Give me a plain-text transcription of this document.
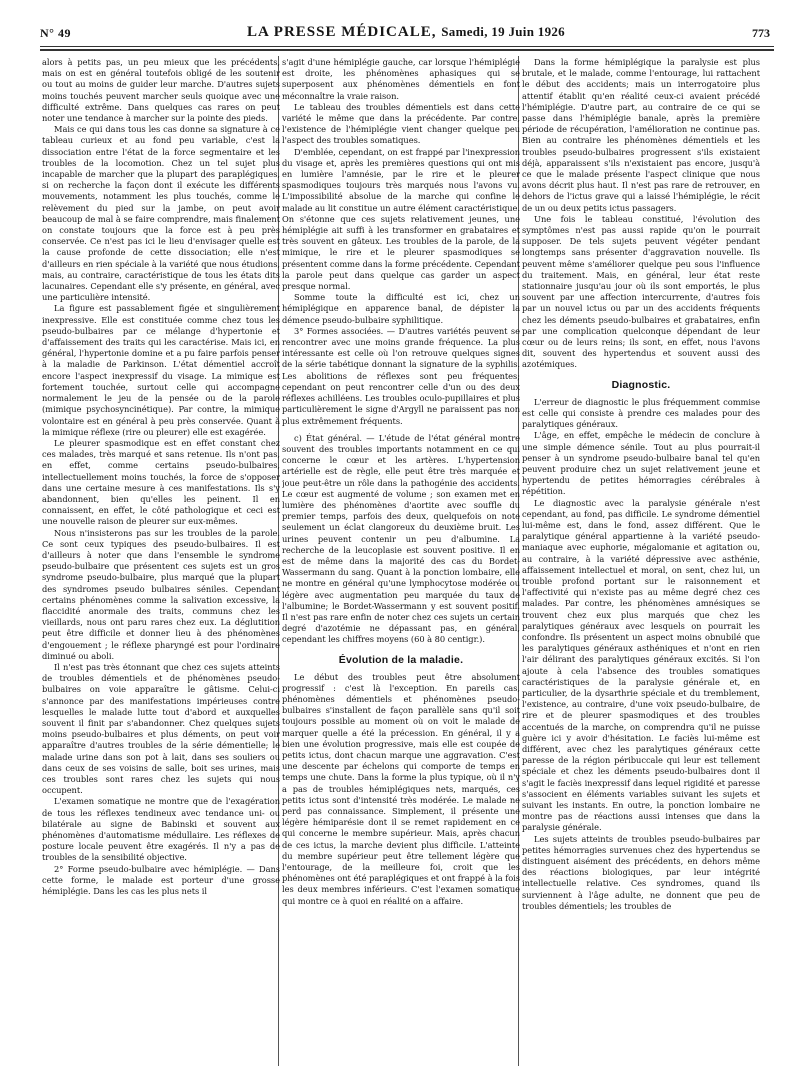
N° 49	LA PRESSE MÉDICALE, Samedi, 19 Juin 1926	773

alors à petits pas, un peu mieux que les précédents, mais on est en général toutefois obligé de les soutenir ou tout au moins de guider leur marche. D'autres sujets moins touchés peuvent marcher seuls quoique avec une difficulté extrême. Dans quelques cas rares on peut noter une tendance à marcher sur la pointe des pieds.

Mais ce qui dans tous les cas donne sa signature à ce tableau curieux et au fond peu variable, c'est la dissociation entre l'état de la force segmentaire et les troubles de la locomotion. Chez un tel sujet plus incapable de marcher que la plupart des paraplégiques, si on recherche la façon dont il exécute les différents mouvements, notamment les plus touchés, comme le relèvement du pied sur la jambe, on peut avoir beaucoup de mal à se faire comprendre, mais finalement on constate toujours que la force est à peu près conservée. Ce n'est pas ici le lieu d'envisager quelle est la cause profonde de cette dissociation; elle n'est d'ailleurs en rien spéciale à la variété que nous étudions, mais, au contraire, caractéristique de tous les états dits lacunaires. Cependant elle s'y présente, en général, avec une particulière intensité.

La figure est passablement figée et singulièrement inexpressive. Elle est constituée comme chez tous les pseudo-bulbaires par ce mélange d'hypertonie et d'affaissement des traits qui les caractérise. Mais ici, en général, l'hypertonie domine et a pu faire parfois penser à la maladie de Parkinson. L'état démentiel accroît encore l'aspect inexpressif du visage. La mimique est fortement touchée, surtout celle qui accompagne normalement le jeu de la pensée ou de la parole (mimique psychosyncinétique). Par contre, la mimique volontaire est en général à peu près conservée. Quant à la mimique réflexe (rire ou pleurer) elle est exagérée.

Le pleurer spasmodique est en effet constant chez ces malades, très marqué et sans retenue. Ils n'ont pas, en effet, comme certains pseudo-bulbaires, intellectuellement moins touchés, la force de s'opposer dans une certaine mesure à ces manifestations. Ils s'y abandonnent, bien qu'elles les peinent. Il en connaissent, en effet, le côté pathologique et ceci est une nouvelle raison de pleurer sur eux-mêmes.

Nous n'insisterons pas sur les troubles de la parole. Ce sont ceux typiques des pseudo-bulbaires. Il est d'ailleurs à noter que dans l'ensemble le syndrome pseudo-bulbaire que présentent ces sujets est un gros syndrome pseudo-bulbaire, plus marqué que la plupart des syndromes pseudo bulbaires séniles. Cependant certains phénomènes comme la salivation excessive, la flaccidité anormale des traits, communs chez les vieillards, nous ont paru rares chez eux. La déglutition peut être difficile et donner lieu à des phénomènes d'engouement ; le réflexe pharyngé est pour l'ordinaire diminué ou aboli.

Il n'est pas très étonnant que chez ces sujets atteints de troubles démentiels et de phénomènes pseudo-bulbaires on voie apparaître le gâtisme. Celui-ci s'annonce par des manifestations impérieuses contre lesquelles le malade lutte tout d'abord et auxquelles souvent il finit par s'abandonner. Chez quelques sujets moins pseudo-bulbaires et plus déments, on peut voir apparaître d'autres troubles de la série démentielle; le malade urine dans son pot à lait, dans ses souliers ou dans ceux de ses voisins de salle, boit ses urines, mais ces troubles sont rares chez les sujets qui nous occupent.

L'examen somatique ne montre que de l'exagération de tous les réflexes tendineux avec tendance uni- ou bilatérale au signe de Babinski et souvent aux phénomènes d'automatisme médullaire. Les réflexes de posture locale peuvent être exagérés. Il n'y a pas de troubles de la sensibilité objective.

2° Forme pseudo-bulbaire avec hémiplégie. — Dans cette forme, le malade est porteur d'une grosse hémiplégie. Dans les cas les plus nets il

s'agit d'une hémiplégie gauche, car lorsque l'hémiplégie est droite, les phénomènes aphasiques qui se superposent aux phénomènes démentiels en font méconnaître la vraie raison.

Le tableau des troubles démentiels est dans cette variété le même que dans la précédente. Par contre, l'existence de l'hémiplégie vient changer quelque peu l'aspect des troubles somatiques.

D'emblée, cependant, on est frappé par l'inexpression du visage et, après les premières questions qui ont mis en lumière l'amnésie, par le rire et le pleurer spasmodiques toujours très marqués nous l'avons vu. L'impossibilité absolue de la marche qui confine le malade au lit constitue un autre élément caractéristique. On s'étonne que ces sujets relativement jeunes, une hémiplégie ait suffi à les transformer en grabataires et très souvent en gâteux. Les troubles de la parole, de la mimique, le rire et le pleurer spasmodiques se présentent comme dans la forme précédente. Cependant la parole peut dans quelque cas garder un aspect presque normal.

Somme toute la difficulté est ici, chez un hémiplégique en apparence banal, de dépister la démence pseudo-bulbaire syphilitique.

3° Formes associées. — D'autres variétés peuvent se rencontrer avec une moins grande fréquence. La plus intéressante est celle où l'on retrouve quelques signes de la série tabétique donnant la signature de la syphilis. Les abolitions de réflexes sont peu fréquentes; cependant on peut rencontrer celle d'un ou des deux réflexes achilléens. Les troubles oculo-pupillaires et plus particulièrement le signe d'Argyll ne paraissent pas non plus extrêmement fréquents.

c) État général. — L'étude de l'état général montre souvent des troubles importants notamment en ce qui concerne le cœur et les artères. L'hypertension artérielle est de règle, elle peut être très marquée et joue peut-être un rôle dans la pathogénie des accidents. Le cœur est augmenté de volume ; son examen met en lumière des phénomènes d'aortite avec souffle du premier temps, parfois des deux, quelquefois on note seulement un éclat clangoreux du deuxième bruit. Les urines peuvent contenir un peu d'albumine. La recherche de la leucoplasie est souvent positive. Il en est de même dans la majorité des cas du Bordet-Wassermann du sang. Quant à la ponction lombaire, elle ne montre en général qu'une lymphocytose modérée ou légère avec augmentation peu marquée du taux de l'albumine; le Bordet-Wassermann y est souvent positif. Il n'est pas rare enfin de noter chez ces sujets un certain degré d'azotémie ne dépassant pas, en général, cependant les chiffres moyens (60 à 80 centigr.).

Évolution de la maladie.

Le début des troubles peut être absolument progressif : c'est là l'exception. En pareils cas, phénomènes démentiels et phénomènes pseudo-bulbaires s'installent de façon parallèle sans qu'il soit toujours possible au moment où on voit le malade de marquer quelle a été la précession. En général, il y a bien une évolution progressive, mais elle est coupée de petits ictus, dont chacun marque une aggravation. C'est une descente par échelons qui comporte de temps en temps une chute. Dans la forme la plus typique, où il n'y a pas de troubles hémiplégiques nets, marqués, ces petits ictus sont d'intensité très modérée. Le malade ne perd pas connaissance. Simplement, il présente une légère hémiparésie dont il se remet rapidement en ce qui concerne le membre supérieur. Mais, après chacun de ces ictus, la marche devient plus difficile. L'atteinte du membre supérieur peut être tellement légère que l'entourage, de la meilleure foi, croit que les phénomènes ont été paraplégiques et ont frappé à la fois les deux membres inférieurs. C'est l'examen somatique qui montre ce à quoi en réalité on a affaire.

Dans la forme hémiplégique la paralysie est plus brutale, et le malade, comme l'entourage, lui rattachent le début des accidents; mais un interrogatoire plus attentif établit qu'en réalité ceux-ci avaient précédé l'hémiplégie. D'autre part, au contraire de ce qui se passe dans l'hémiplégie banale, après la première période de récupération, l'amélioration ne continue pas. Bien au contraire les phénomènes démentiels et les troubles pseudo-bulbaires progressent s'ils existaient déjà, apparaissent s'ils n'existaient pas encore, jusqu'à ce que le malade présente l'aspect clinique que nous avons décrit plus haut. Il n'est pas rare de retrouver, en dehors de l'ictus grave qui a laissé l'hémiplégie, le récit de un ou deux petits ictus passagers.

Une fois le tableau constitué, l'évolution des symptômes n'est pas aussi rapide qu'on le pourrait supposer. De tels sujets peuvent végéter pendant longtemps sans présenter d'aggravation nouvelle. Ils peuvent même s'améliorer quelque peu sous l'influence du traitement. Mais, en général, leur état reste stationnaire jusqu'au jour où ils sont emportés, le plus souvent par une affection intercurrente, d'autres fois par un nouvel ictus ou par un des accidents fréquents chez les déments pseudo-bulbaires et grabataires, enfin par une complication quelconque dépendant de leur cœur ou de leurs reins; ils sont, en effet, nous l'avons dit, souvent des hypertendus et souvent aussi des azotémiques.

Diagnostic.

L'erreur de diagnostic le plus fréquemment commise est celle qui consiste à prendre ces malades pour des paralytiques généraux.

L'âge, en effet, empêche le médecin de conclure à une simple démence sénile. Tout au plus pourrait-il penser à un syndrome pseudo-bulbaire banal tel qu'en peuvent produire chez un sujet relativement jeune et hypertendu de petites hémorragies cérébrales à répétition.

Le diagnostic avec la paralysie générale n'est cependant, au fond, pas difficile. Le syndrome démentiel lui-même est, dans le fond, assez différent. Que le paralytique général appartienne à la variété pseudo-maniaque avec euphorie, mégalomanie et agitation ou, au contraire, à la variété dépressive avec asthénie, affaissement intellectuel et moral, on sent, chez lui, un trouble profond portant sur le raisonnement et l'affectivité qui n'existe pas au même degré chez ces malades. Par contre, les phénomènes amnésiques se trouvent chez eux plus marqués que chez les paralytiques généraux avec lesquels on pourrait les confondre. Ils présentent un aspect moins obnubilé que les paralytiques généraux asthéniques et n'ont en rien l'air délirant des paralytiques généraux excités. Si l'on ajoute à cela l'absence des troubles somatiques caractéristiques de la paralysie générale et, en particulier, de la dysarthrie spéciale et du tremblement, l'existence, au contraire, d'une voix pseudo-bulbaire, de rire et de pleurer spasmodiques et des troubles accentués de la marche, on comprendra qu'il ne puisse guère ici y avoir d'hésitation. Le faciès lui-même est différent, avec chez les paralytiques généraux cette paresse de la région péribuccale qui leur est tellement spéciale et chez les déments pseudo-bulbaires dont il s'agit le faciès inexpressif dans lequel rigidité et paresse s'associent en éléments variables suivant les sujets et suivant les instants. En outre, la ponction lombaire ne montre pas de réactions aussi intenses que dans la paralysie générale.

Les sujets atteints de troubles pseudo-bulbaires par petites hémorragies survenues chez des hypertendus se distinguent aisément des précédents, en dehors même des réactions biologiques, par leur intégrité intellectuelle relative. Ces syndromes, quand ils surviennent à l'âge adulte, ne donnent que peu de troubles démentiels; les troubles de
